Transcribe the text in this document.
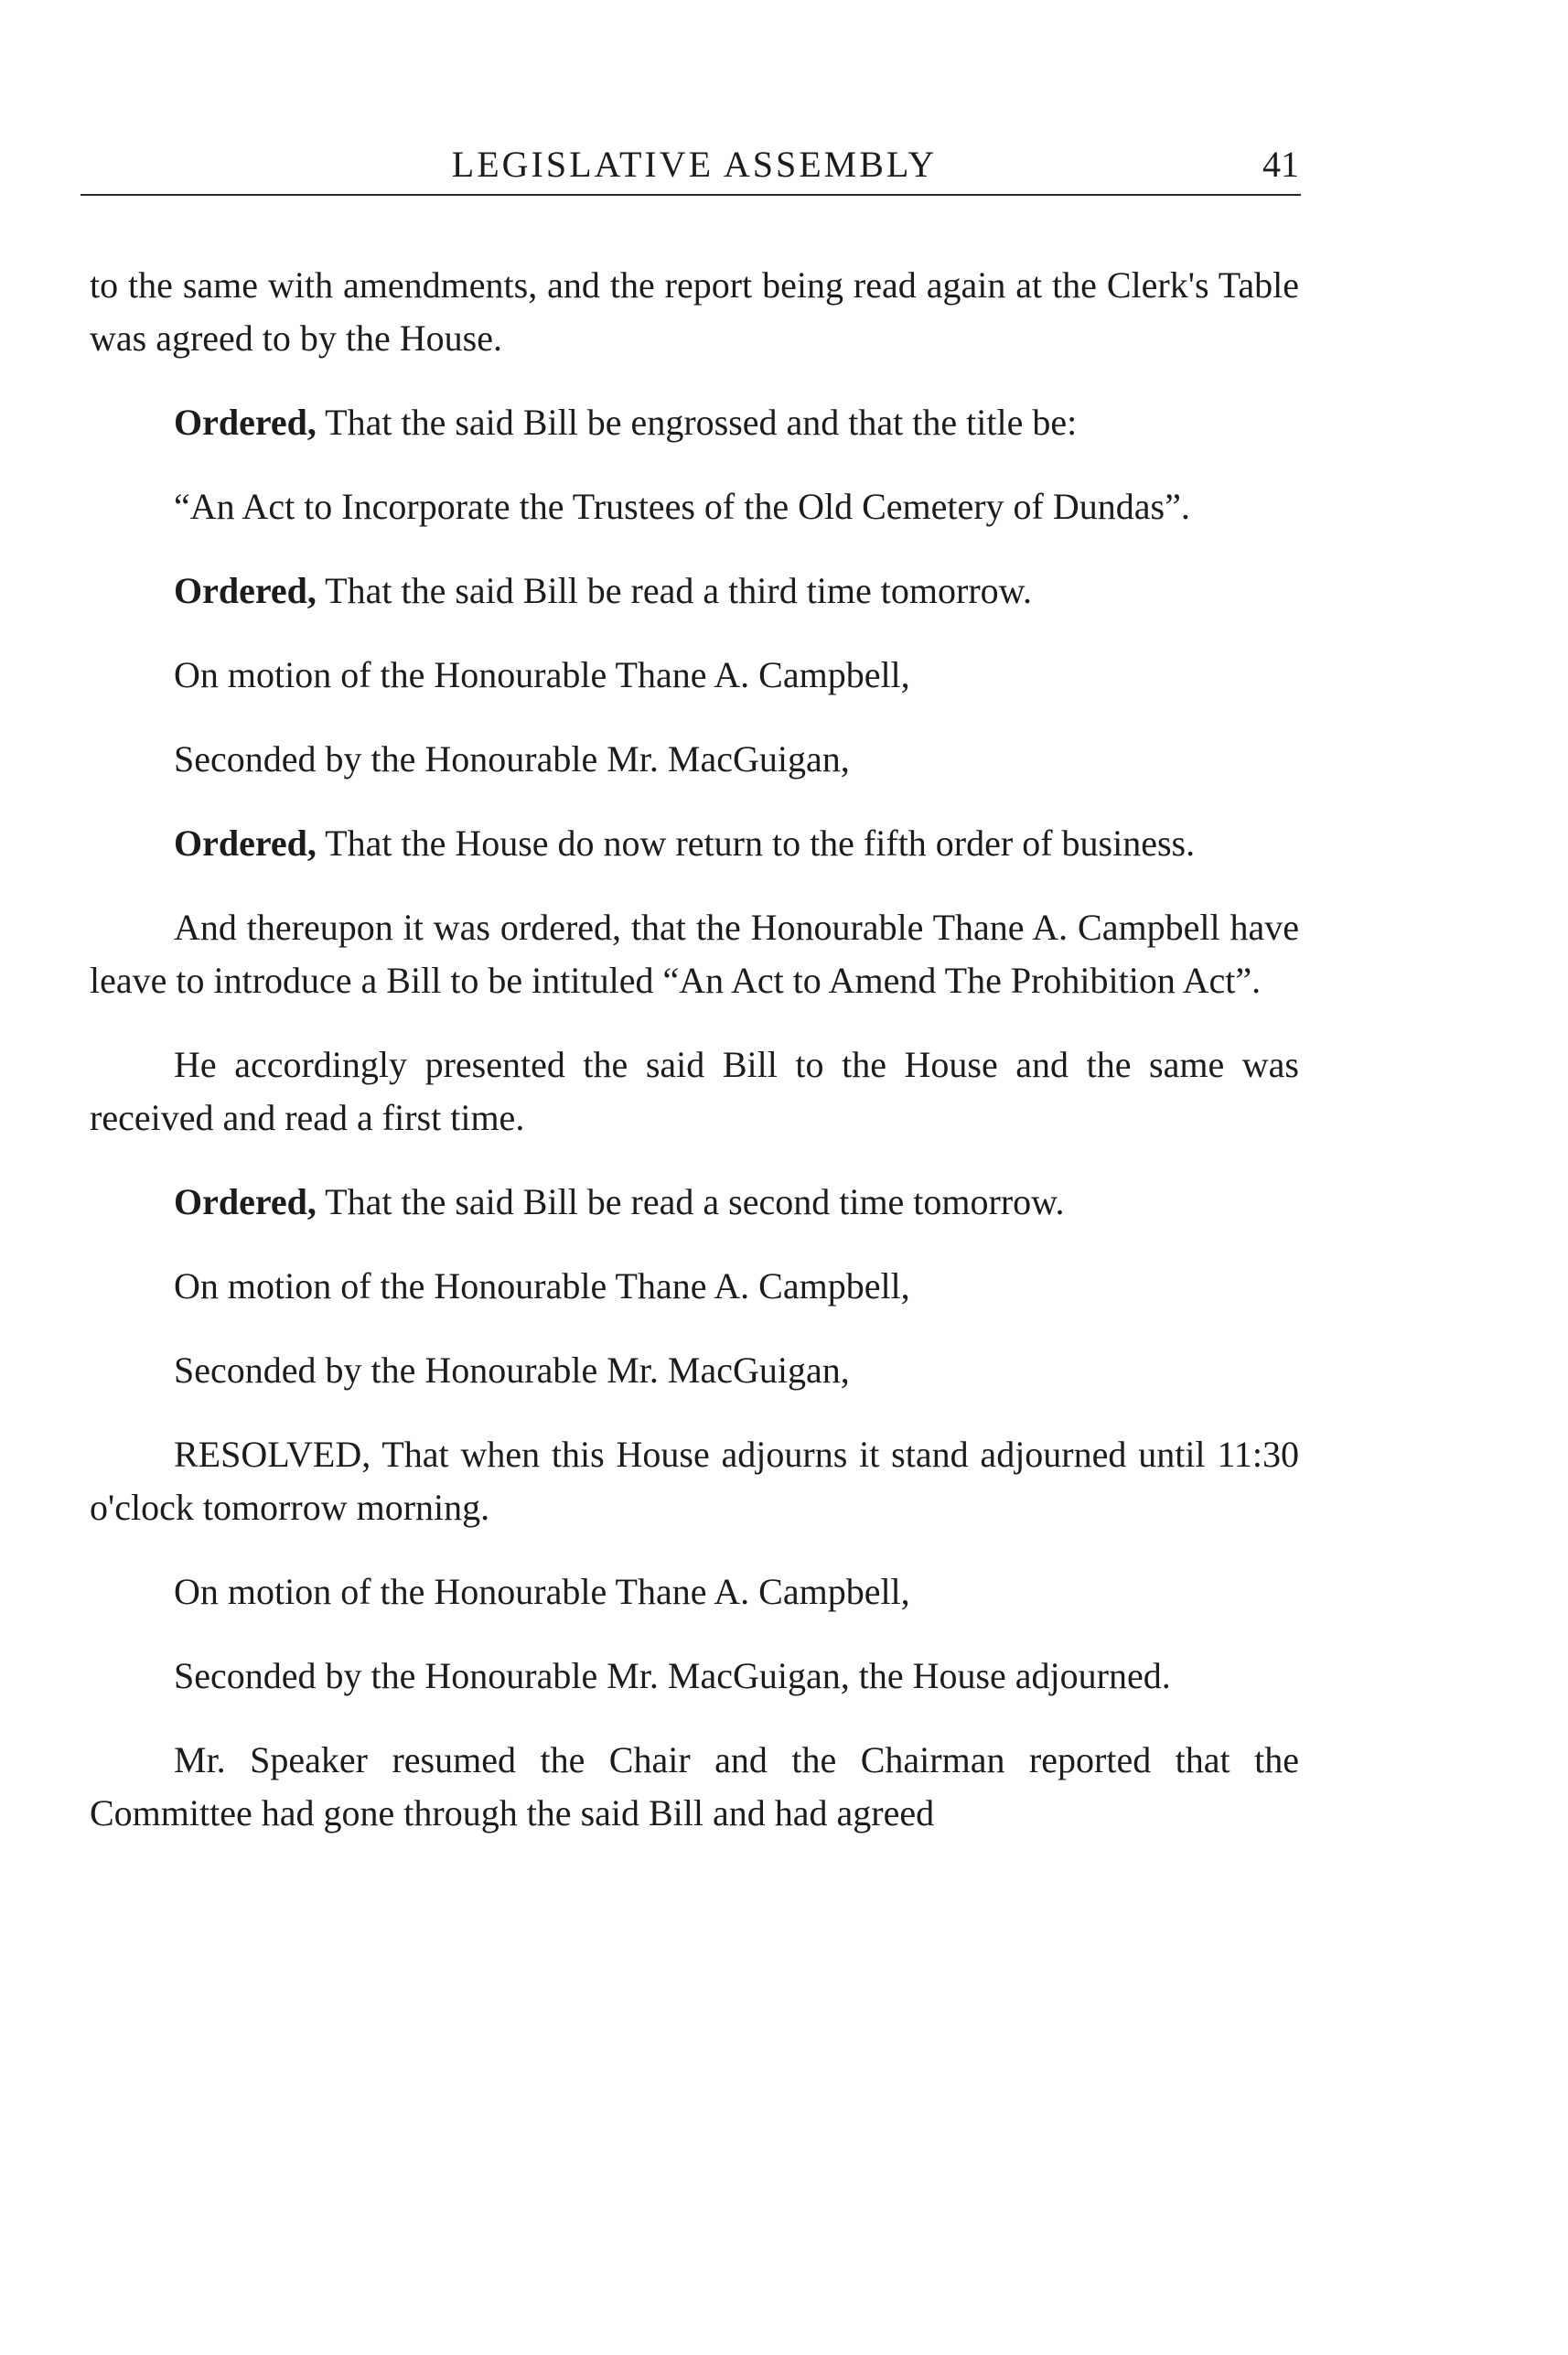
LEGISLATIVE ASSEMBLY	41

to the same with amendments, and the report being read again at the Clerk's Table was agreed to by the House.

Ordered, That the said Bill be engrossed and that the title be:

“An Act to Incorporate the Trustees of the Old Cemetery of Dundas”.

Ordered, That the said Bill be read a third time tomorrow.

On motion of the Honourable Thane A. Campbell,

Seconded by the Honourable Mr. MacGuigan,

Ordered, That the House do now return to the fifth order of business.

And thereupon it was ordered, that the Honourable Thane A. Campbell have leave to introduce a Bill to be intituled “An Act to Amend The Prohibition Act”.

He accordingly presented the said Bill to the House and the same was received and read a first time.

Ordered, That the said Bill be read a second time tomorrow.

On motion of the Honourable Thane A. Campbell,

Seconded by the Honourable Mr. MacGuigan,

RESOLVED, That when this House adjourns it stand adjourned until 11:30 o'clock tomorrow morning.

On motion of the Honourable Thane A. Campbell,

Seconded by the Honourable Mr. MacGuigan, the House adjourned.

Mr. Speaker resumed the Chair and the Chairman reported that the Committee had gone through the said Bill and had agreed
